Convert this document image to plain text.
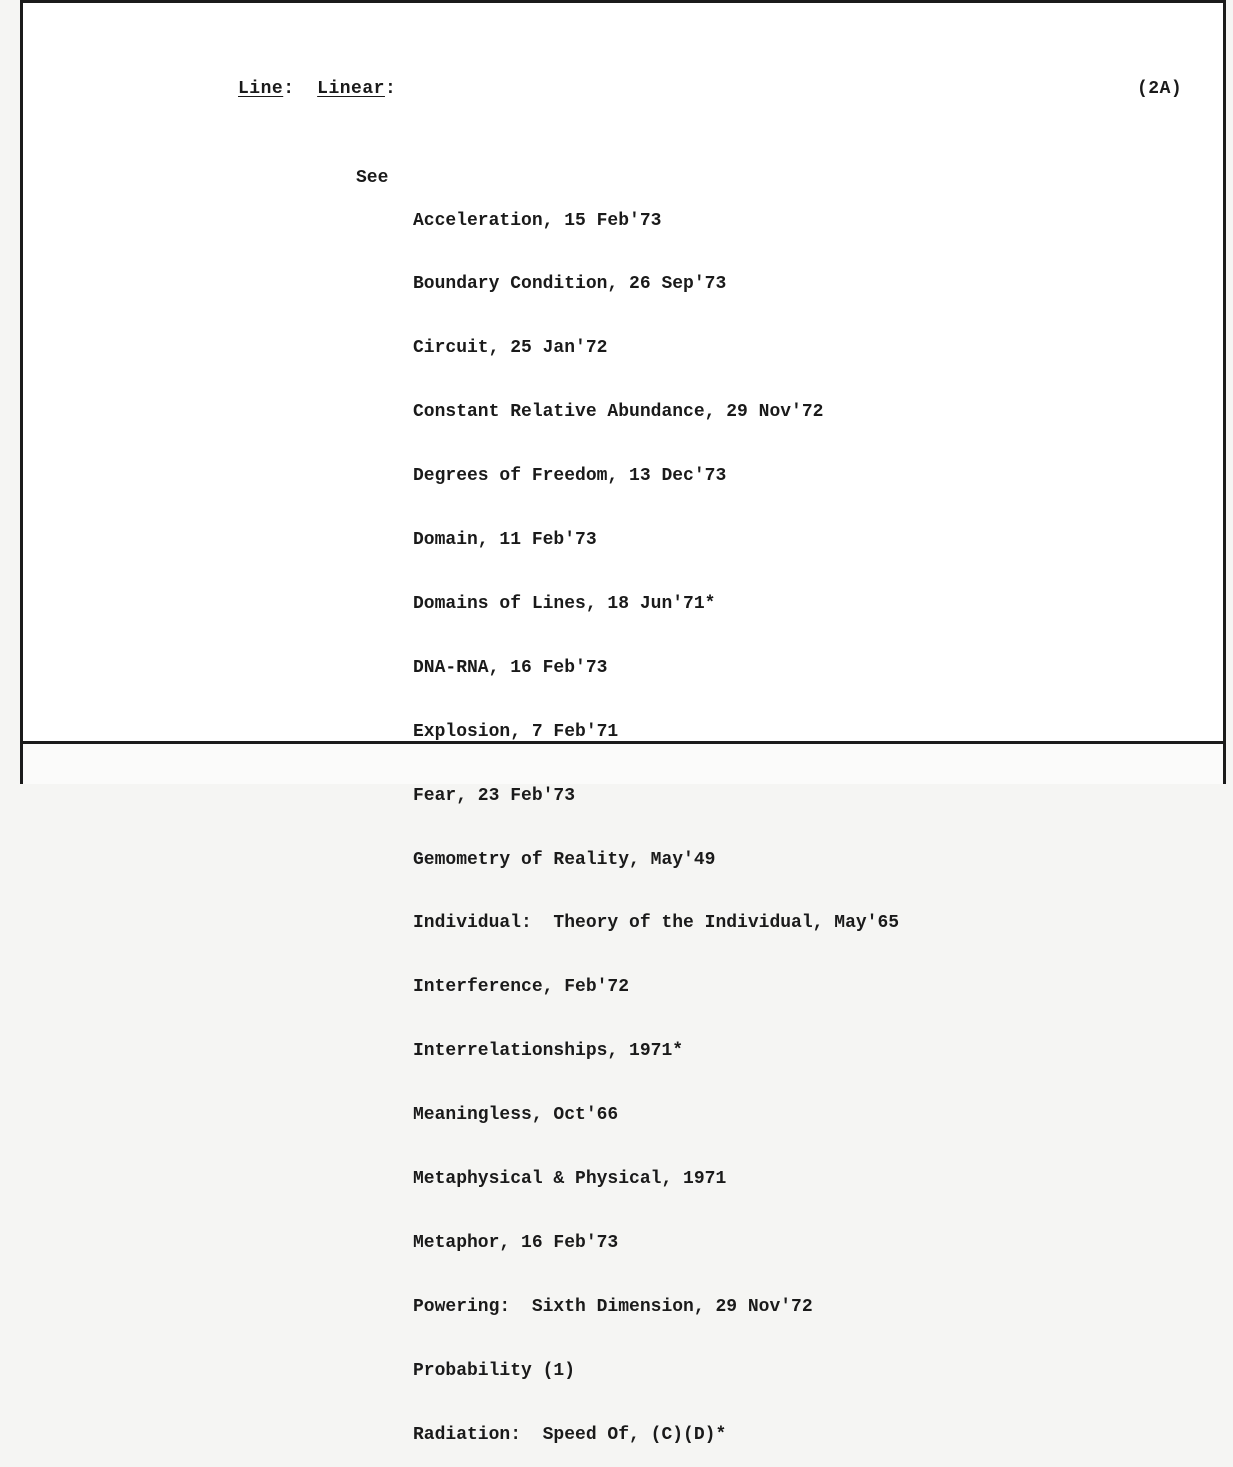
Line: Linear:	(2A)
See

Acceleration, 15 Feb'73

Boundary Condition, 26 Sep'73

Circuit, 25 Jan'72

Constant Relative Abundance, 29 Nov'72

Degrees of Freedom, 13 Dec'73

Domain, 11 Feb'73

Domains of Lines, 18 Jun'71*

DNA-RNA, 16 Feb'73

Explosion, 7 Feb'71

Fear, 23 Feb'73

Gemometry of Reality, May'49

Individual:  Theory of the Individual, May'65

Interference, Feb'72

Interrelationships, 1971*

Meaningless, Oct'66

Metaphysical & Physical, 1971

Metaphor, 16 Feb'73

Powering:  Sixth Dimension, 29 Nov'72

Probability (1)

Radiation:  Speed Of, (C)(D)*
